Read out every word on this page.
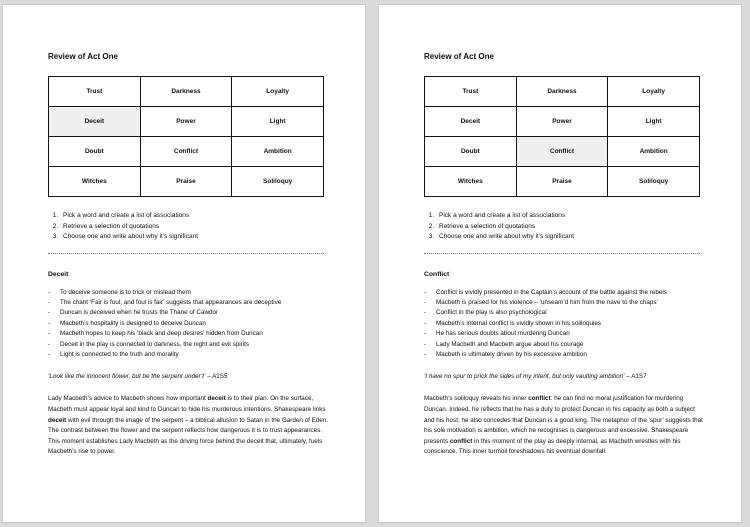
Review of Act One
Trust	Darkness	Loyalty
Deceit	Power	Light
Doubt	Conflict	Ambition
Witches	Praise	Soliloquy
1. Pick a word and create a list of associations
2. Retrieve a selection of quotations
3. Choose one and write about why it’s significant
Deceit
- To deceive someone is to trick or mislead them
- The chant ‘Fair is foul, and foul is fair’ suggests that appearances are deceptive
- Duncan is deceived when he trusts the Thane of Cawdor
- Macbeth’s hospitality is designed to deceive Duncan
- Macbeth hopes to keep his ‘black and deep desires’ hidden from Duncan
- Deceit in the play is connected to darkness, the night and evil spirits
- Light is connected to the truth and morality
‘Look like the innocent flower, but be the serpent under’t’ – A1S5
Lady Macbeth’s advice to Macbeth shows how important deceit is to their plan. On the surface, Macbeth must appear loyal and kind to Duncan to hide his murderous intentions. Shakespeare links deceit with evil through the image of the serpent – a biblical allusion to Satan in the Garden of Eden. The contrast between the flower and the serpent reflects how dangerous it is to trust appearances. This moment establishes Lady Macbeth as the driving force behind the deceit that, ultimately, fuels Macbeth’s rise to power.
Review of Act One
Trust	Darkness	Loyalty
Deceit	Power	Light
Doubt	Conflict	Ambition
Witches	Praise	Soliloquy
1. Pick a word and create a list of associations
2. Retrieve a selection of quotations
3. Choose one and write about why it’s significant
Conflict
- Conflict is vividly presented in the Captain’s account of the battle against the rebels
- Macbeth is praised for his violence – ‘unseam’d him from the nave to the chaps’
- Conflict in the play is also psychological
- Macbeth’s internal conflict is vividly shown in his soliloquies
- He has serious doubts about murdering Duncan
- Lady Macbeth and Macbeth argue about his courage
- Macbeth is ultimately driven by his excessive ambition
‘I have no spur to prick the sides of my intent, but only vaulting ambition’ – A1S7
Macbeth’s soliloquy reveals his inner conflict: he can find no moral justification for murdering Duncan. Indeed, he reflects that he has a duty to protect Duncan in his capacity as both a subject and his host; he also concedes that Duncan is a good king. The metaphor of the ‘spur’ suggests that his sole motivation is ambition, which he recognises is dangerous and excessive. Shakespeare presents conflict in this moment of the play as deeply internal, as Macbeth wrestles with his conscience. This inner turmoil foreshadows his eventual downfall.
